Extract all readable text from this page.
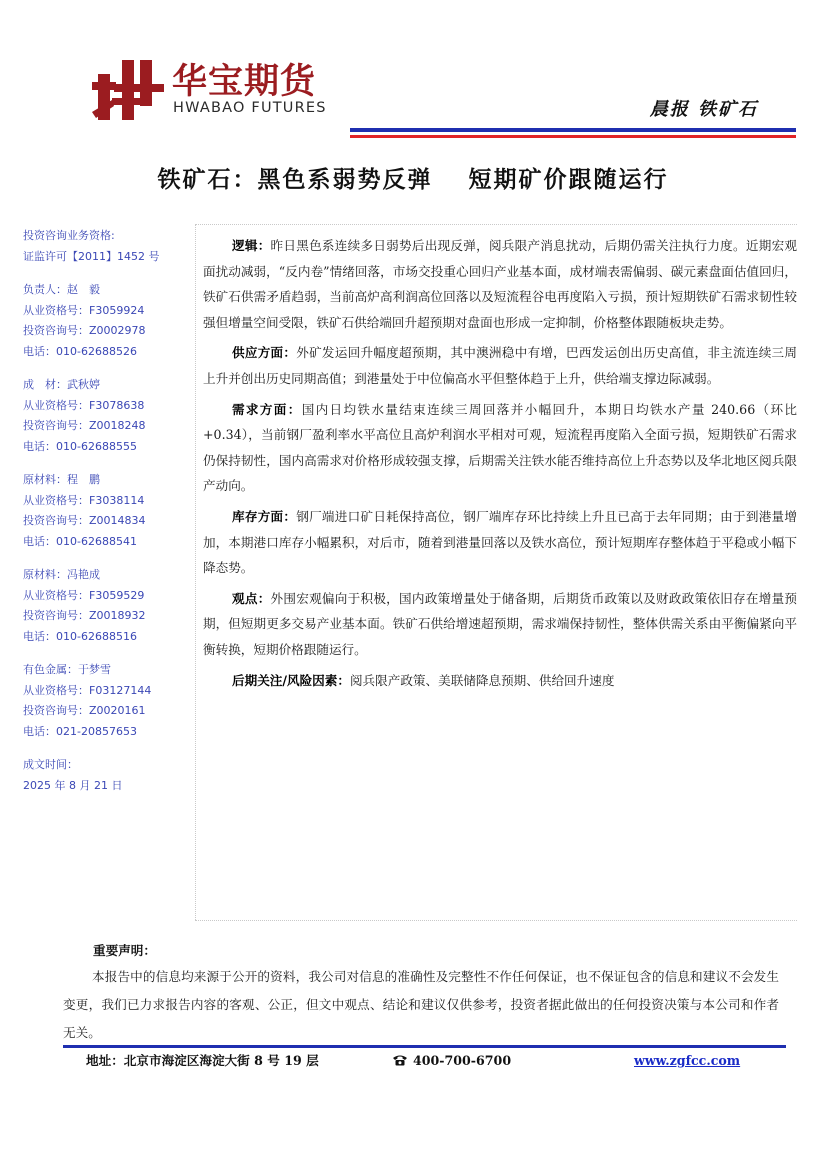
华宝期货
HWABAO FUTURES	晨报 铁矿石
铁矿石：黑色系弱势反弹 短期矿价跟随运行
投资咨询业务资格:
证监许可【2011】1452 号
负责人：赵　毅
从业资格号：F3059924
投资咨询号：Z0002978
电话：010-62688526
成　材：武秋婷
从业资格号：F3078638
投资咨询号：Z0018248
电话：010-62688555
原材料：程　鹏
从业资格号：F3038114
投资咨询号：Z0014834
电话：010-62688541
原材料：冯艳成
从业资格号：F3059529
投资咨询号：Z0018932
电话：010-62688516
有色金属：于梦雪
从业资格号：F03127144
投资咨询号：Z0020161
电话：021-20857653
成文时间：
2025 年 8 月 21 日

逻辑：昨日黑色系连续多日弱势后出现反弹，阅兵限产消息扰动，后期仍需关注执行力度。近期宏观面扰动减弱，“反内卷”情绪回落，市场交投重心回归产业基本面，成材端表需偏弱、碳元素盘面估值回归，铁矿石供需矛盾趋弱，当前高炉高利润高位回落以及短流程谷电再度陷入亏损，预计短期铁矿石需求韧性较强但增量空间受限，铁矿石供给端回升超预期对盘面也形成一定抑制，价格整体跟随板块走势。

供应方面：外矿发运回升幅度超预期，其中澳洲稳中有增，巴西发运创出历史高值，非主流连续三周上升并创出历史同期高值；到港量处于中位偏高水平但整体趋于上升，供给端支撑边际减弱。

需求方面：国内日均铁水量结束连续三周回落并小幅回升，本期日均铁水产量 240.66（环比+0.34），当前钢厂盈利率水平高位且高炉利润水平相对可观，短流程再度陷入全面亏损，短期铁矿石需求仍保持韧性，国内高需求对价格形成较强支撑，后期需关注铁水能否维持高位上升态势以及华北地区阅兵限产动向。

库存方面：钢厂端进口矿日耗保持高位，钢厂端库存环比持续上升且已高于去年同期；由于到港量增加，本期港口库存小幅累积，对后市，随着到港量回落以及铁水高位，预计短期库存整体趋于平稳或小幅下降态势。

观点：外围宏观偏向于积极，国内政策增量处于储备期，后期货币政策以及财政政策依旧存在增量预期，但短期更多交易产业基本面。铁矿石供给增速超预期，需求端保持韧性，整体供需关系由平衡偏紧向平衡转换，短期价格跟随运行。

后期关注/风险因素：阅兵限产政策、美联储降息预期、供给回升速度

重要声明：
本报告中的信息均来源于公开的资料，我公司对信息的准确性及完整性不作任何保证，也不保证包含的信息和建议不会发生变更，我们已力求报告内容的客观、公正，但文中观点、结论和建议仅供参考，投资者据此做出的任何投资决策与本公司和作者无关。
地址：北京市海淀区海淀大街 8 号 19 层	400-700-6700	www.zgfcc.com
